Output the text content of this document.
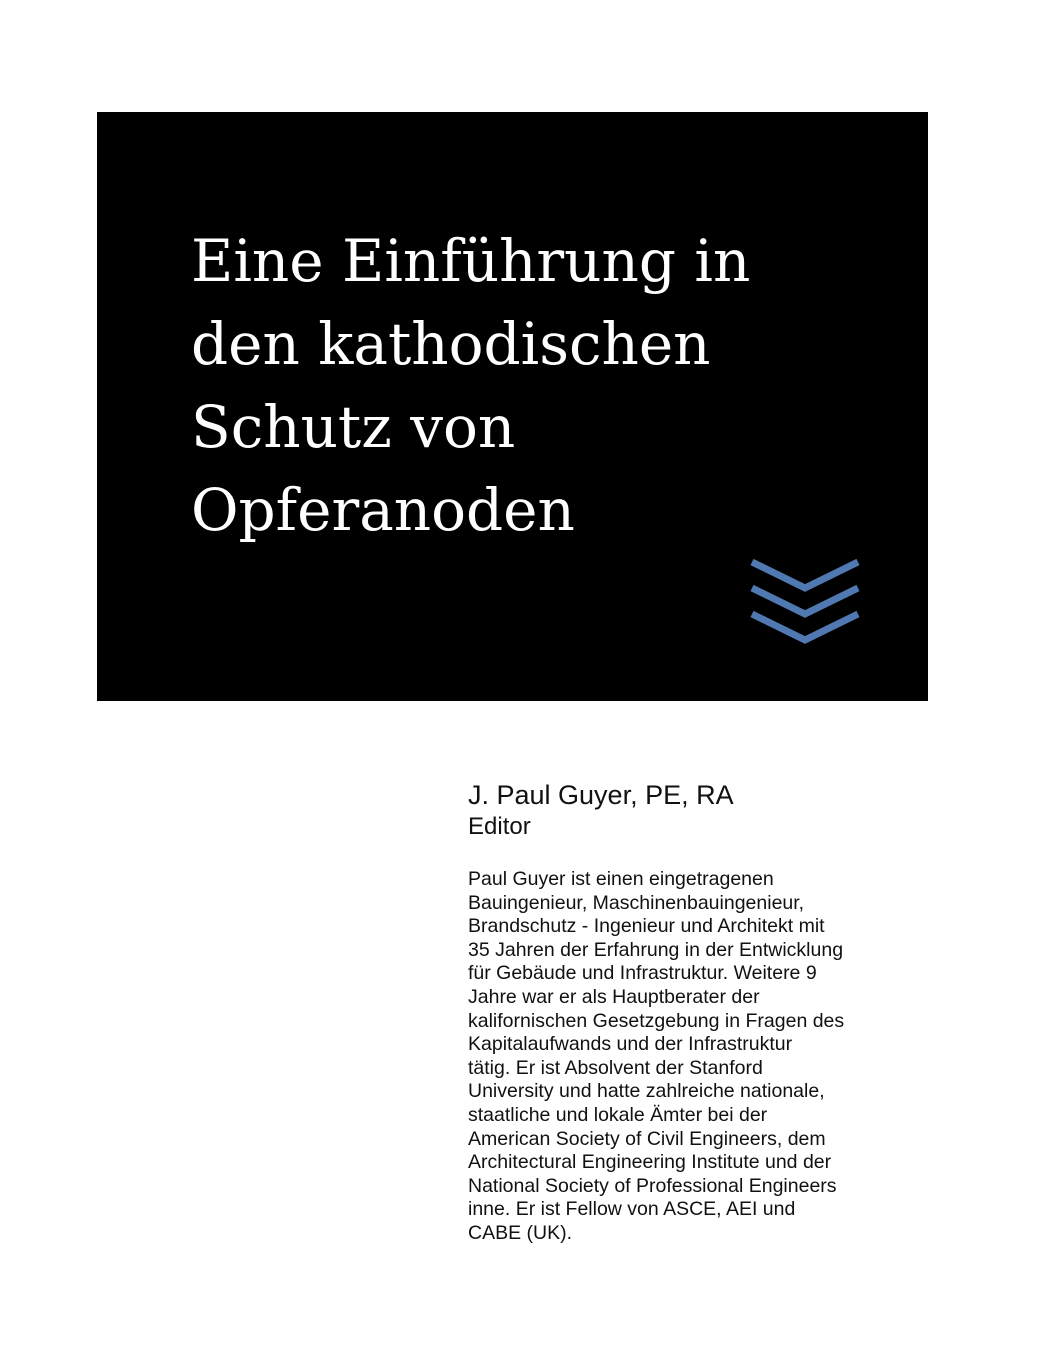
Eine Einführung in
den kathodischen
Schutz von
Opferanoden
J. Paul Guyer, PE, RA
Editor
Paul Guyer ist einen eingetragenen
Bauingenieur, Maschinenbauingenieur,
Brandschutz - Ingenieur und Architekt mit
35 Jahren der Erfahrung in der Entwicklung
für Gebäude und Infrastruktur. Weitere 9
Jahre war er als Hauptberater der
kalifornischen Gesetzgebung in Fragen des
Kapitalaufwands und der Infrastruktur
tätig. Er ist Absolvent der Stanford
University und hatte zahlreiche nationale,
staatliche und lokale Ämter bei der
American Society of Civil Engineers, dem
Architectural Engineering Institute und der
National Society of Professional Engineers
inne. Er ist Fellow von ASCE, AEI und
CABE (UK).
